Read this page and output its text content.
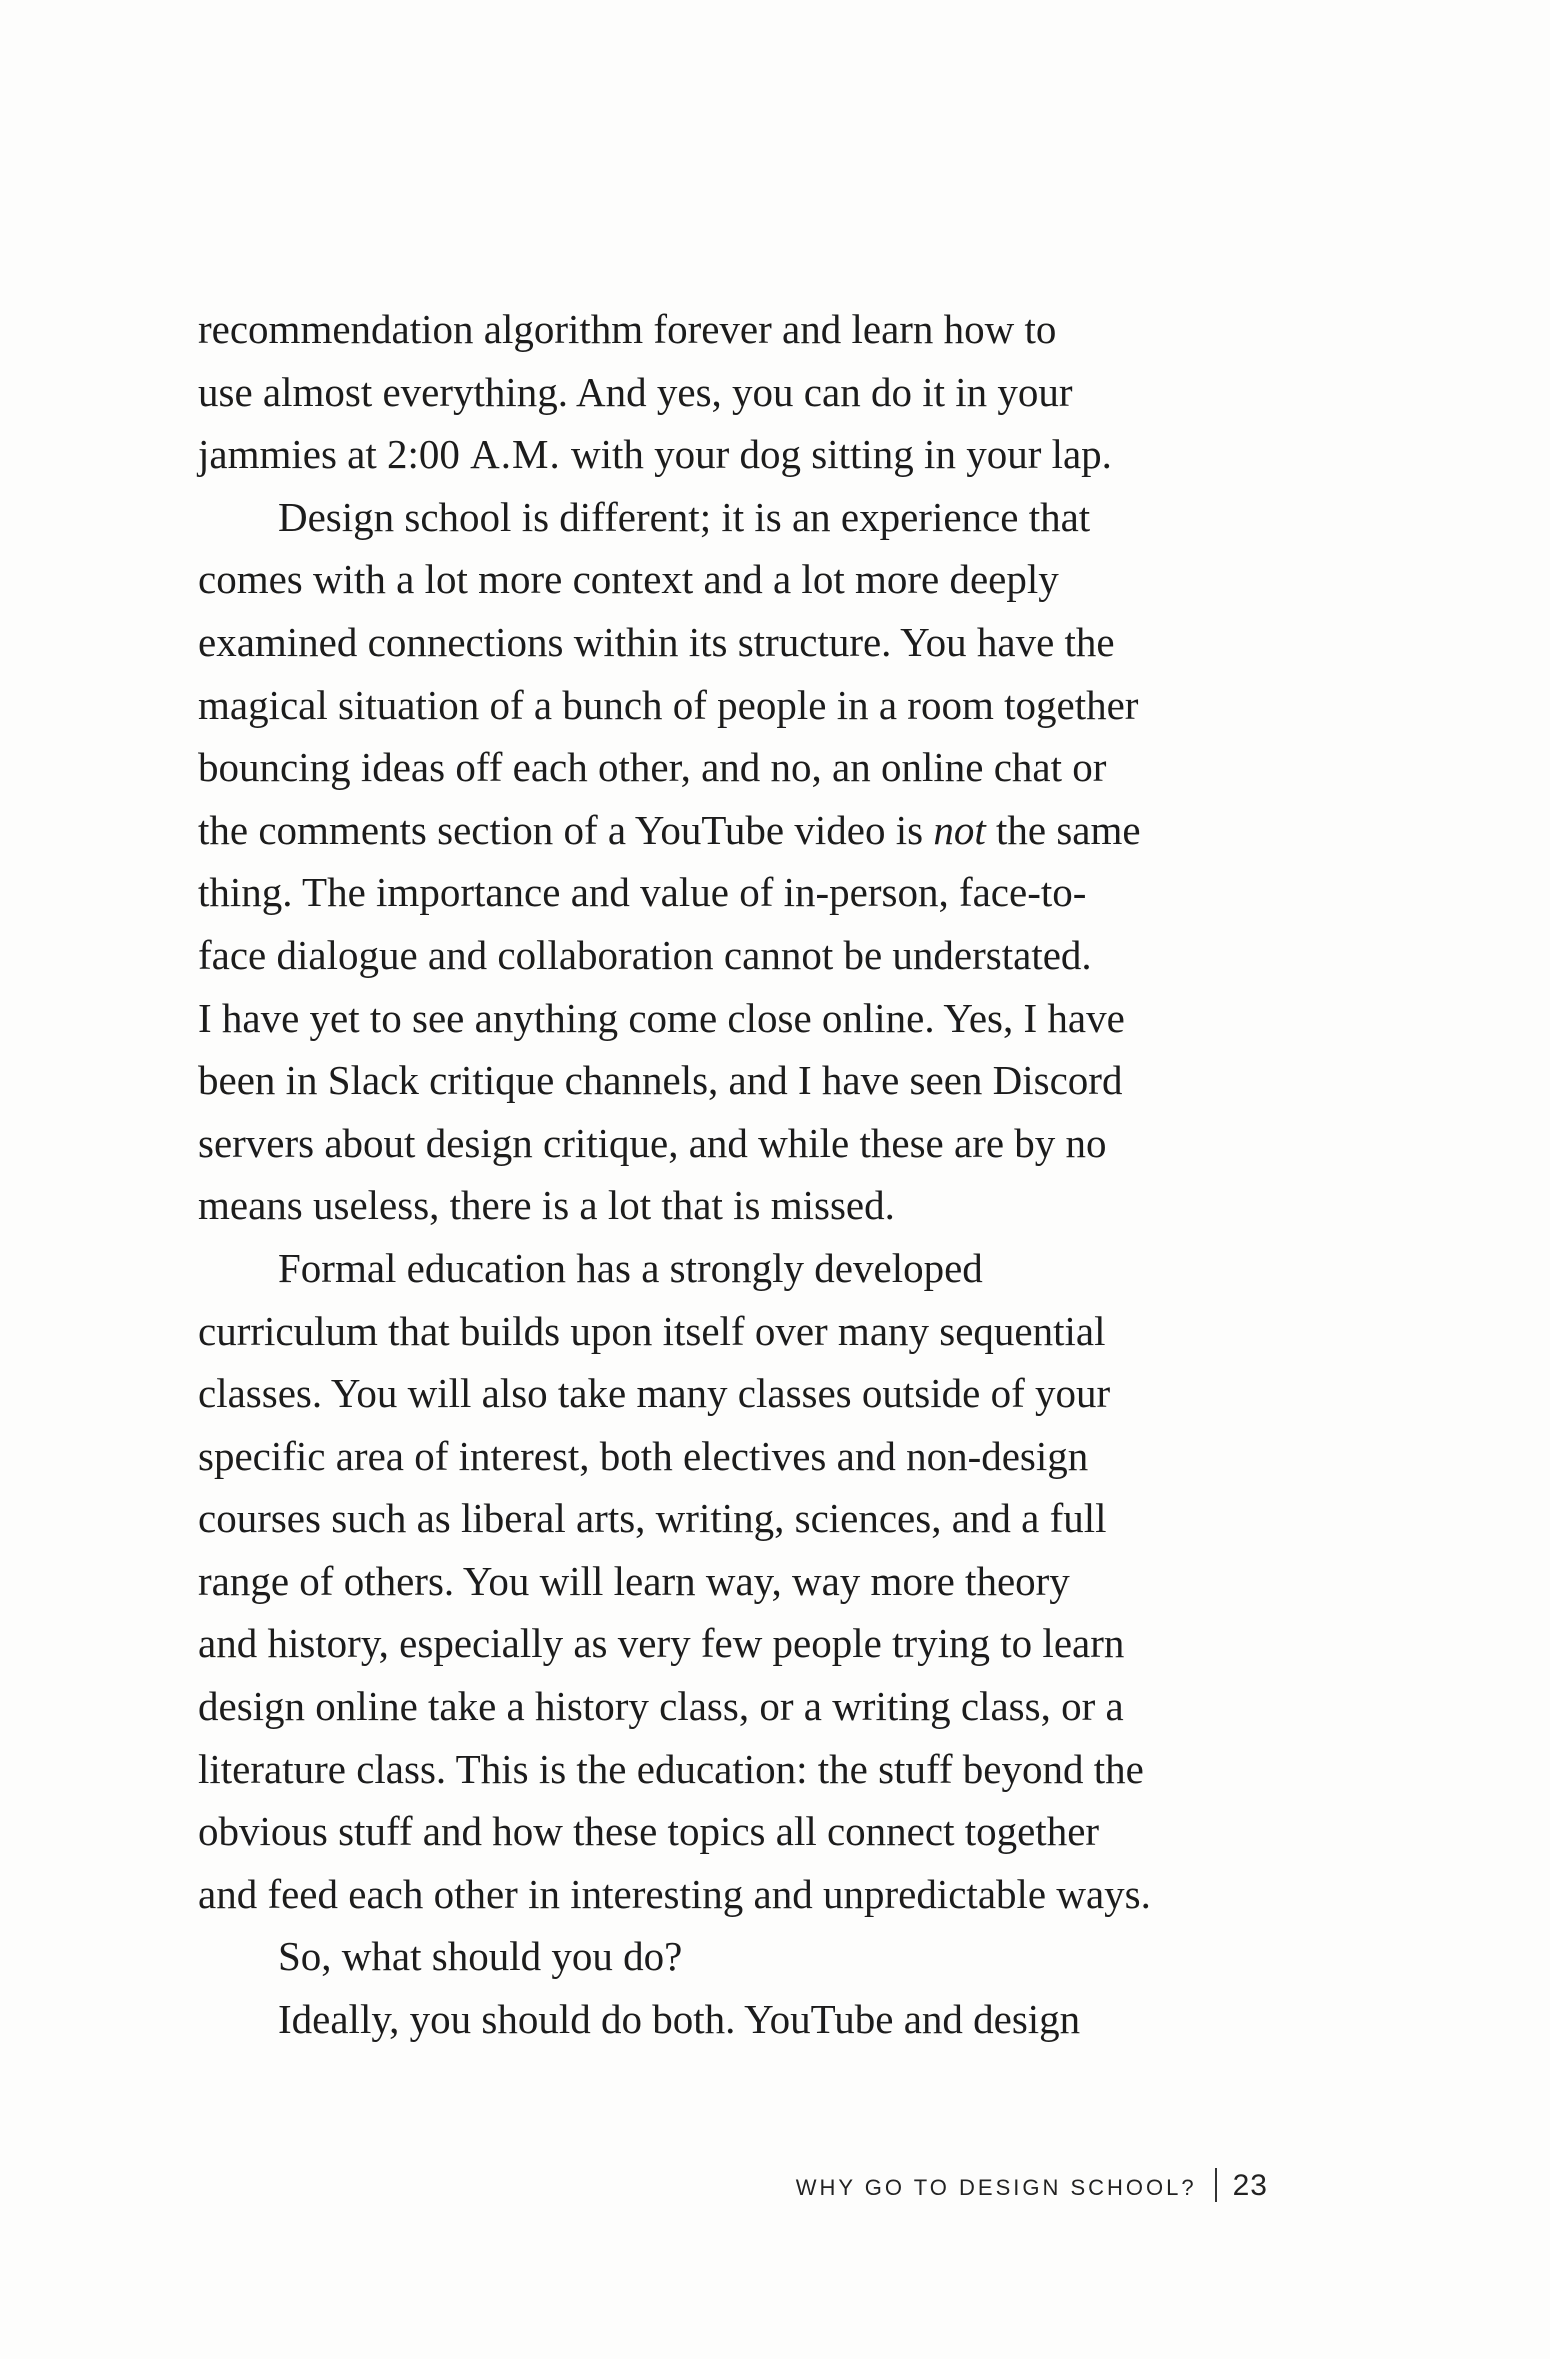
recommendation algorithm forever and learn how to
use almost everything. And yes, you can do it in your
jammies at 2:00 A.M. with your dog sitting in your lap.
Design school is different; it is an experience that
comes with a lot more context and a lot more deeply
examined connections within its structure. You have the
magical situation of a bunch of people in a room together
bouncing ideas off each other, and no, an online chat or
the comments section of a YouTube video is not the same
thing. The importance and value of in-person, face-to-
face dialogue and collaboration cannot be understated.
I have yet to see anything come close online. Yes, I have
been in Slack critique channels, and I have seen Discord
servers about design critique, and while these are by no
means useless, there is a lot that is missed.
Formal education has a strongly developed
curriculum that builds upon itself over many sequential
classes. You will also take many classes outside of your
specific area of interest, both electives and non-design
courses such as liberal arts, writing, sciences, and a full
range of others. You will learn way, way more theory
and history, especially as very few people trying to learn
design online take a history class, or a writing class, or a
literature class. This is the education: the stuff beyond the
obvious stuff and how these topics all connect together
and feed each other in interesting and unpredictable ways.
So, what should you do?
Ideally, you should do both. YouTube and design
WHY GO TO DESIGN SCHOOL? 23
